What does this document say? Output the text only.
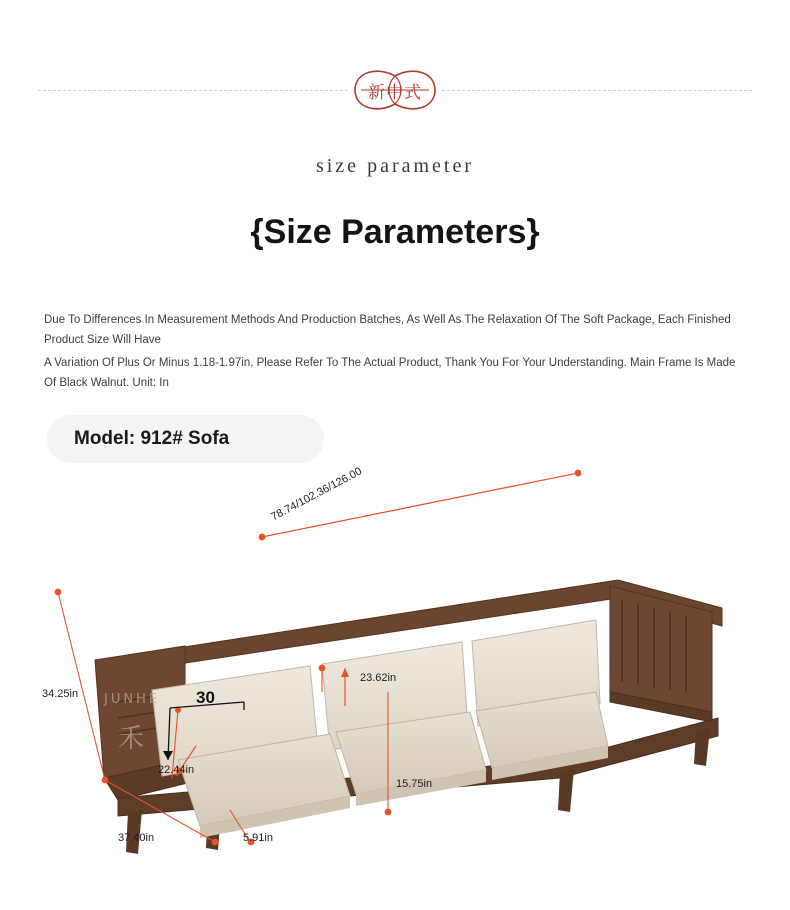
新中式
size parameter
{Size Parameters}
Due To Differences In Measurement Methods And Production Batches, As Well As The Relaxation Of The Soft Package, Each Finished Product Size Will Have
A Variation Of Plus Or Minus 1.18-1.97in, Please Refer To The Actual Product, Thank You For Your Understanding. Main Frame Is Made Of Black Walnut. Unit: In
Model: 912# Sofa
78.74/102.36/126.00
34.25in
37.40in
22.44in
5.91in
23.62in
15.75in
30
JUNHE
禾
